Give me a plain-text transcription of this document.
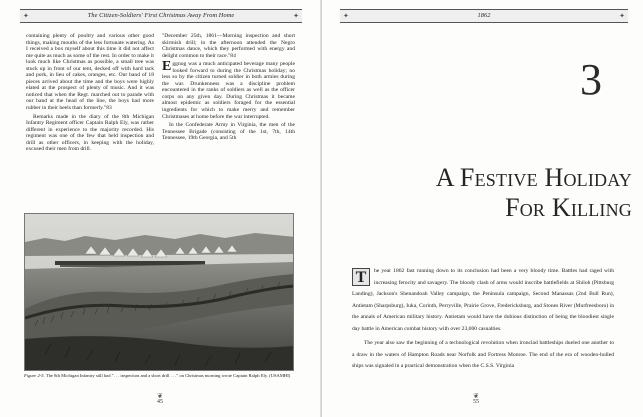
✦	The Citizen-Soldiers' First Christmas Away From Home	✦

containing plenty of poultry and various other good things, making mouths of the less fortunate watering. As I received a box myself about this time it did not affect me quite as much as some of the rest. In order to make it look much like Christmas as possible, a small tree was stuck up in front of our tent, decked off with hard tack and pork, in lieu of cakes, oranges, etc. Our band of 18 pieces arrived about the time and the boys were highly elated at the prospect of plenty of music. And it was noticed that when the Regt. marched out to parade with our band at the head of the line, the boys had more rubber in their heels than formerly."83

Remarks made in the diary of the 8th Michigan Infantry Regiment officer Captain Ralph Ely, was rather different in experience to the majority recorded. His regiment was one of the few that held inspection and drill as other officers, in keeping with the holiday, excused their men from drill.

"December 25th, 1861—Morning inspection and short skirmish drill; in the afternoon attended the Negro Christmas dance, which they performed with energy and delight common to their race."84

Eggnog was a much anticipated beverage many people looked forward to during the Christmas holiday; no less so by the citizen turned soldier in both armies during the war. Drunkenness was a discipline problem encountered in the ranks of soldiers as well as the officer corps on any given day. During Christmas it became almost epidemic as soldiers foraged for the essential ingredients for which to make merry and remember Christmases at home before the war interrupted.

In the Confederate Army in Virginia, the men of the Tennessee Brigade (consisting of the 1st, 7th, 14th Tennessee, 19th Georgia, and 5th

Figure 2-5. The 8th Michigan Infantry still had ". . . inspection and a short drill . . ." on Christmas morning wrote Captain Ralph Ely. (USAMHI)
❦
45
✦	1862	✦
3
A Festive Holiday
For Killing

T	he year 1862 fast running down to its conclusion had been a very bloody time. Battles had raged with increasing ferocity and savagery. The bloody clash of arms would inscribe battlefields at Shiloh (Pittsburg Landing), Jackson's Shenandoah Valley campaign, the Peninsula campaign, Second Manassas (2nd Bull Run), Antietam (Sharpsburg), Iuka, Corinth, Perryville, Prairie Grove, Fredericksburg, and Stones River (Murfreesboro) in the annals of American military history. Antietam would have the dubious distinction of being the bloodiest single day battle in American combat history with over 23,000 casualties.

The year also saw the beginning of a technological revolution when ironclad battleships dueled one another to a draw in the waters of Hampton Roads near Norfolk and Fortress Monroe. The end of the era of wooden-hulled ships was signaled in a practical demonstration when the C.S.S. Virginia

❦
55
